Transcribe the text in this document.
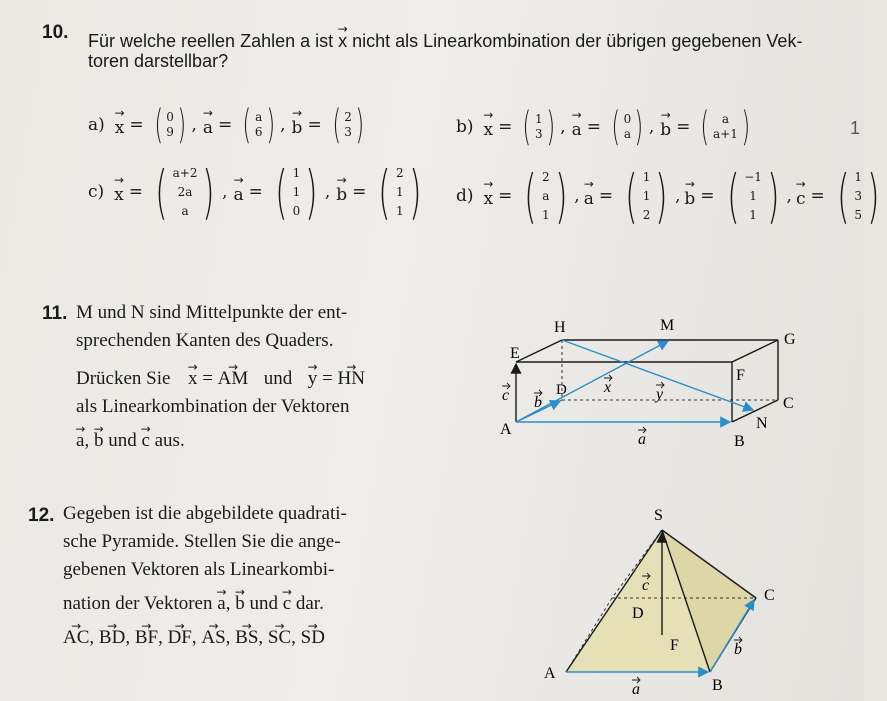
10. Für welche reellen Zahlen a ist → x nicht als Linearkombination der übrigen gegebenen Vek-
toren darstellbar?
1
a) → x = ( 0
9 ) , → a = ( a
6 ) , → b = ( 2
3 )	b) → x = ( 1
3 ) , → a = ( 0
a ) , → b = ( a
a+1 )
c) → x = ( a+2
2a
a ) , → a = ( 1
1
0 ) , → b = ( 2
1
1 ) d) → x = ( 2
a
1 ) , → a = ( 1
1
2 ) , → b = ( −1
1
1 ) , → c = ( 1
3
5 )
11. M und N sind Mittelpunkte der ent-
sprechenden Kanten des Quaders.
Drücken Sie → x = → AM und → y = → HN
als Linearkombination der Vektoren
→ a, → b und → c aus.
H	M
G
E
F
D
C
A
B
N
c b
x	y
a
12. Gegeben ist die abgebildete quadrati-
sche Pyramide. Stellen Sie die ange-
gebenen Vektoren als Linearkombi-
nation der Vektoren → a, → b und → c dar.
→ AC, → BD, → BF, → DF, → AS, → BS, → SC, → SD
S
C
D
F
A
B
c
b
a
